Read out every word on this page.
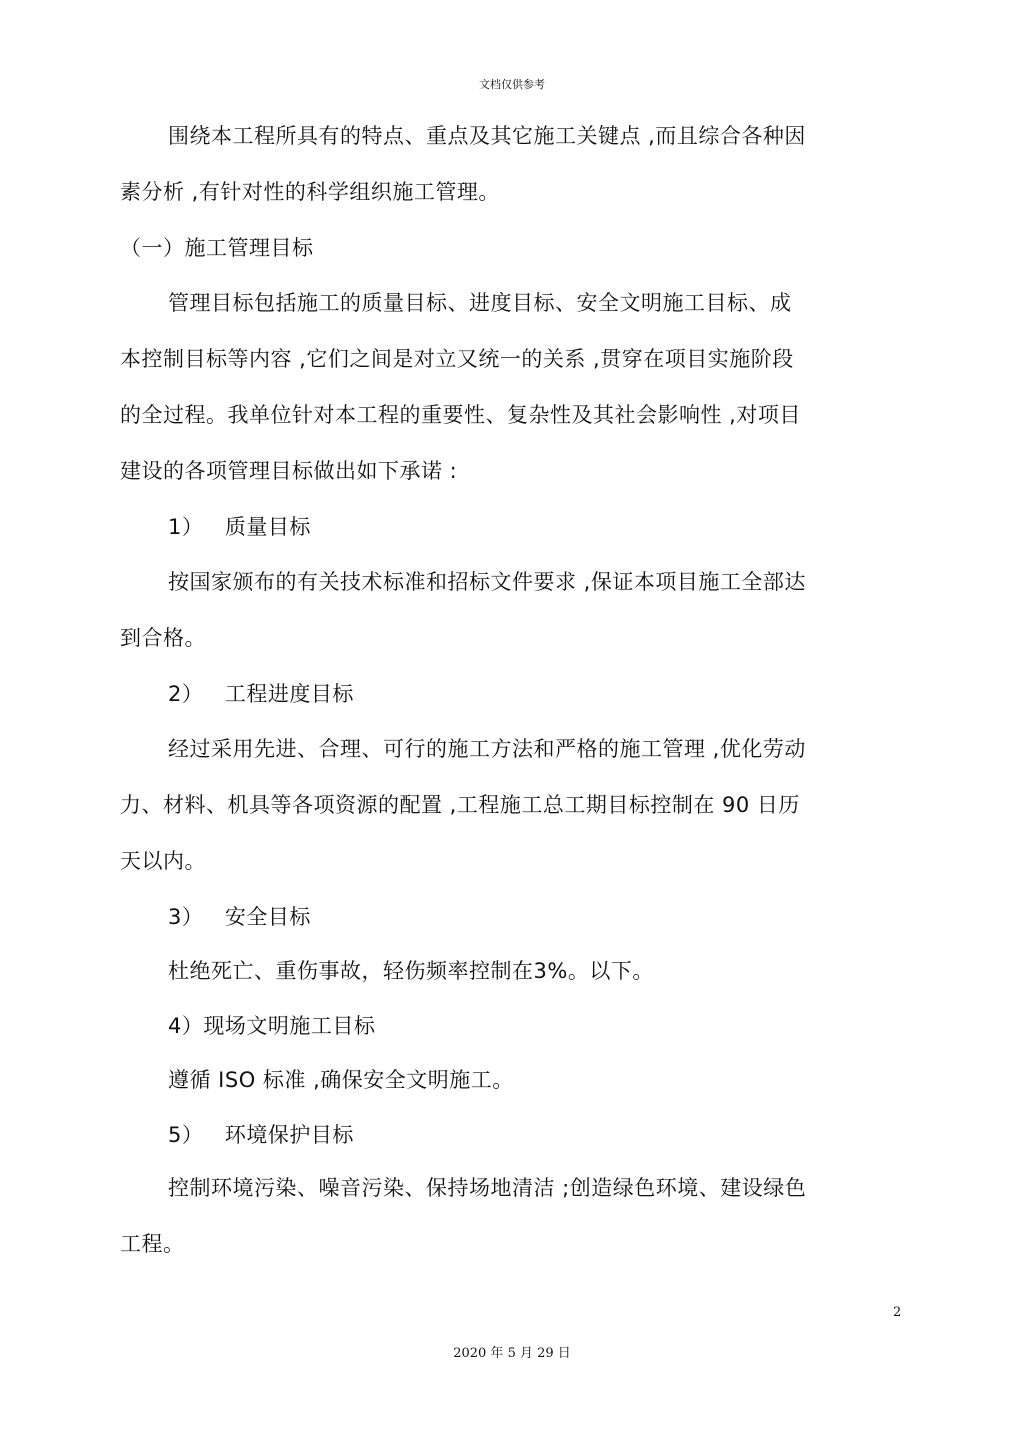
文档仅供参考
围绕本工程所具有的特点、重点及其它施工关键点 ,而且综合各种因
素分析 ,有针对性的科学组织施工管理。
（一）施工管理目标
管理目标包括施工的质量目标、进度目标、安全文明施工目标、成
本控制目标等内容 ,它们之间是对立又统一的关系 ,贯穿在项目实施阶段
的全过程。我单位针对本工程的重要性、复杂性及其社会影响性 ,对项目
建设的各项管理目标做出如下承诺 :
1）   质量目标
按国家颁布的有关技术标准和招标文件要求 ,保证本项目施工全部达
到合格。
2）   工程进度目标
经过采用先进、合理、可行的施工方法和严格的施工管理 ,优化劳动
力、材料、机具等各项资源的配置 ,工程施工总工期目标控制在 90 日历
天以内。
3）   安全目标
杜绝死亡、重伤事故，轻伤频率控制在3%。以下。
4）现场文明施工目标
遵循 ISO 标准 ,确保安全文明施工。
5）   环境保护目标
控制环境污染、噪音污染、保持场地清洁 ;创造绿色环境、建设绿色
工程。
2
2020 年 5 月 29 日
